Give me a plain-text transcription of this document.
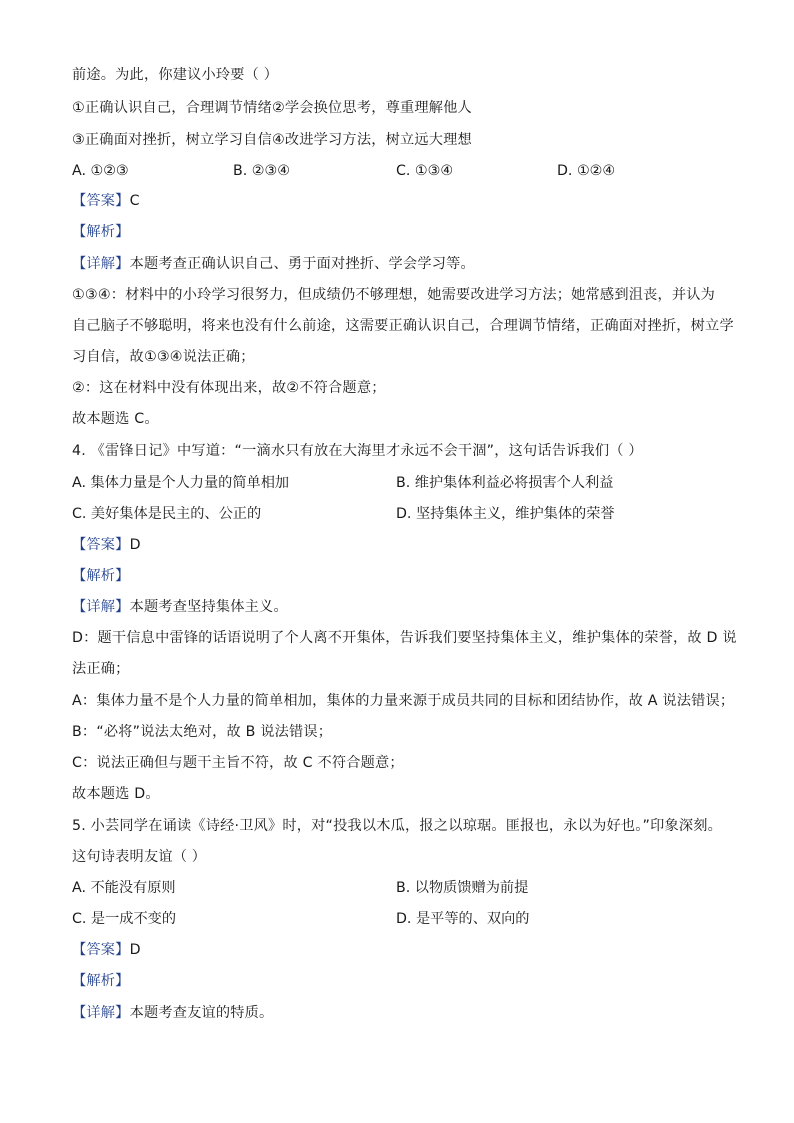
前途。为此，你建议小玲要（ ）
①正确认识自己，合理调节情绪②学会换位思考，尊重理解他人
③正确面对挫折，树立学习自信④改进学习方法，树立远大理想
A. ①②③	B. ②③④	C. ①③④	D. ①②④
【答案】C
【解析】
【详解】本题考查正确认识自己、勇于面对挫折、学会学习等。
①③④：材料中的小玲学习很努力，但成绩仍不够理想，她需要改进学习方法；她常感到沮丧，并认为
自己脑子不够聪明，将来也没有什么前途，这需要正确认识自己，合理调节情绪，正确面对挫折，树立学
习自信，故①③④说法正确；
②：这在材料中没有体现出来，故②不符合题意；
故本题选 C。
4. 《雷锋日记》中写道：“一滴水只有放在大海里才永远不会干涸”，这句话告诉我们（ ）
A. 集体力量是个人力量的简单相加	B. 维护集体利益必将损害个人利益
C. 美好集体是民主的、公正的	D. 坚持集体主义，维护集体的荣誉
【答案】D
【解析】
【详解】本题考查坚持集体主义。
D：题干信息中雷锋的话语说明了个人离不开集体，告诉我们要坚持集体主义，维护集体的荣誉，故 D 说
法正确；
A：集体力量不是个人力量的简单相加，集体的力量来源于成员共同的目标和团结协作，故 A 说法错误；
B：“必将”说法太绝对，故 B 说法错误；
C：说法正确但与题干主旨不符，故 C 不符合题意；
故本题选 D。
5. 小芸同学在诵读《诗经·卫风》时，对“投我以木瓜，报之以琼琚。匪报也，永以为好也。”印象深刻。
这句诗表明友谊（ ）
A. 不能没有原则	B. 以物质馈赠为前提
C. 是一成不变的	D. 是平等的、双向的
【答案】D
【解析】
【详解】本题考查友谊的特质。
